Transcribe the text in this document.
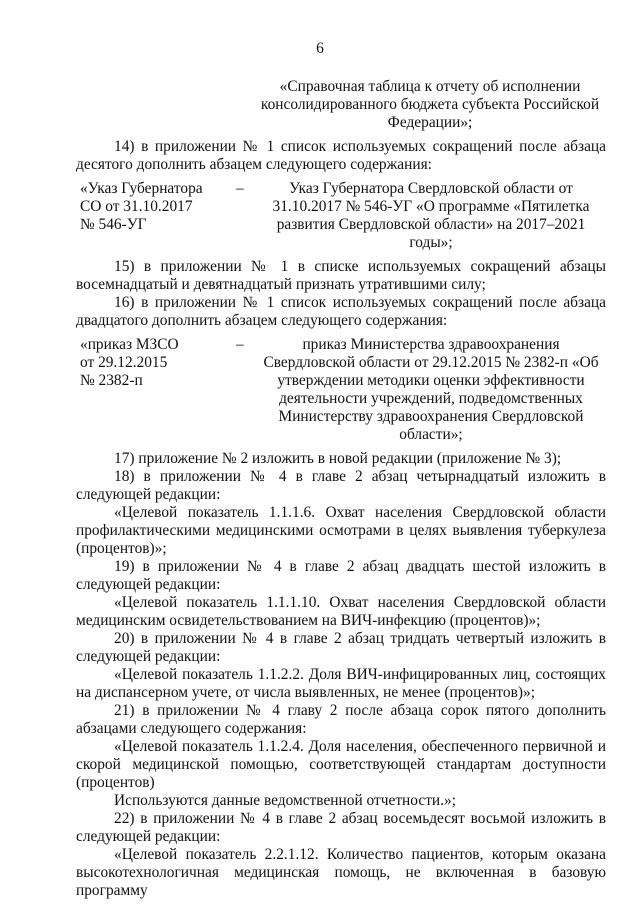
6
«Справочная таблица к отчету об исполнении консолидированного бюджета субъекта Российской Федерации»;

14) в приложении № 1 список используемых сокращений после абзаца десятого дополнить абзацем следующего содержания:

«Указ Губернатора
СО от 31.10.2017
№ 546-УГ
–	Указ Губернатора Свердловской области от 31.10.2017 № 546-УГ «О программе «Пятилетка развития Свердловской области» на 2017–2021 годы»;

15) в приложении № 1 в списке используемых сокращений абзацы восемнадцатый и девятнадцатый признать утратившими силу;

16) в приложении № 1 список используемых сокращений после абзаца двадцатого дополнить абзацем следующего содержания:

«приказ МЗСО
от 29.12.2015
№ 2382-п
–	приказ Министерства здравоохранения Свердловской области от 29.12.2015 № 2382-п «Об утверждении методики оценки эффективности деятельности учреждений, подведомственных Министерству здравоохранения Свердловской области»;

17) приложение № 2 изложить в новой редакции (приложение № 3);

18) в приложении № 4 в главе 2 абзац четырнадцатый изложить в следующей редакции:

«Целевой показатель 1.1.1.6. Охват населения Свердловской области профилактическими медицинскими осмотрами в целях выявления туберкулеза (процентов)»;

19) в приложении № 4 в главе 2 абзац двадцать шестой изложить в следующей редакции:

«Целевой показатель 1.1.1.10. Охват населения Свердловской области медицинским освидетельствованием на ВИЧ-инфекцию (процентов)»;

20) в приложении № 4 в главе 2 абзац тридцать четвертый изложить в следующей редакции:

«Целевой показатель 1.1.2.2. Доля ВИЧ-инфицированных лиц, состоящих на диспансерном учете, от числа выявленных, не менее (процентов)»;

21) в приложении № 4 главу 2 после абзаца сорок пятого дополнить абзацами следующего содержания:

«Целевой показатель 1.1.2.4. Доля населения, обеспеченного первичной и скорой медицинской помощью, соответствующей стандартам доступности (процентов)

Используются данные ведомственной отчетности.»;

22) в приложении № 4 в главе 2 абзац восемьдесят восьмой изложить в следующей редакции:

«Целевой показатель 2.2.1.12. Количество пациентов, которым оказана высокотехнологичная медицинская помощь, не включенная в базовую программу
